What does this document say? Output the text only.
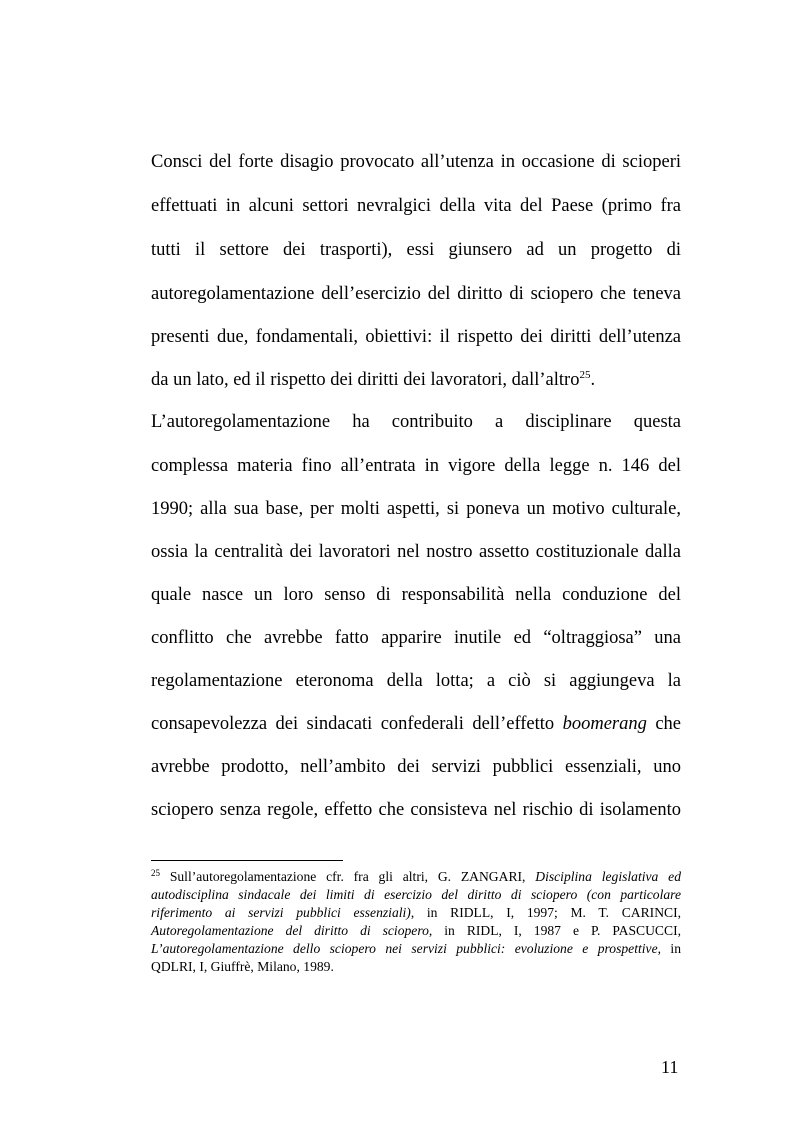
Consci del forte disagio provocato all’utenza in occasione di scioperi

effettuati in alcuni settori nevralgici della vita del Paese (primo fra

tutti il settore dei trasporti), essi giunsero ad un progetto di

autoregolamentazione dell’esercizio del diritto di sciopero che teneva

presenti due, fondamentali, obiettivi: il rispetto dei diritti dell’utenza

da un lato, ed il rispetto dei diritti dei lavoratori, dall’altro$^{25}$.

L’autoregolamentazione ha contribuito a disciplinare questa

complessa materia fino all’entrata in vigore della legge n. 146 del

1990; alla sua base, per molti aspetti, si poneva un motivo culturale,

ossia la centralità dei lavoratori nel nostro assetto costituzionale dalla

quale nasce un loro senso di responsabilità nella conduzione del

conflitto che avrebbe fatto apparire inutile ed “oltraggiosa” una

regolamentazione eteronoma della lotta; a ciò si aggiungeva la

consapevolezza dei sindacati confederali dell’effetto boomerang che

avrebbe prodotto, nell’ambito dei servizi pubblici essenziali, uno

sciopero senza regole, effetto che consisteva nel rischio di isolamento

$^{25}$ Sull’autoregolamentazione cfr. fra gli altri, G. ZANGARI, Disciplina legislativa ed

autodisciplina sindacale dei limiti di esercizio del diritto di sciopero (con particolare

riferimento ai servizi pubblici essenziali), in RIDLL, I, 1997; M. T. CARINCI,

Autoregolamentazione del diritto di sciopero, in RIDL, I, 1987 e P. PASCUCCI,

L’autoregolamentazione dello sciopero nei servizi pubblici: evoluzione e prospettive, in

QDLRI, I, Giuffrè, Milano, 1989.

11
